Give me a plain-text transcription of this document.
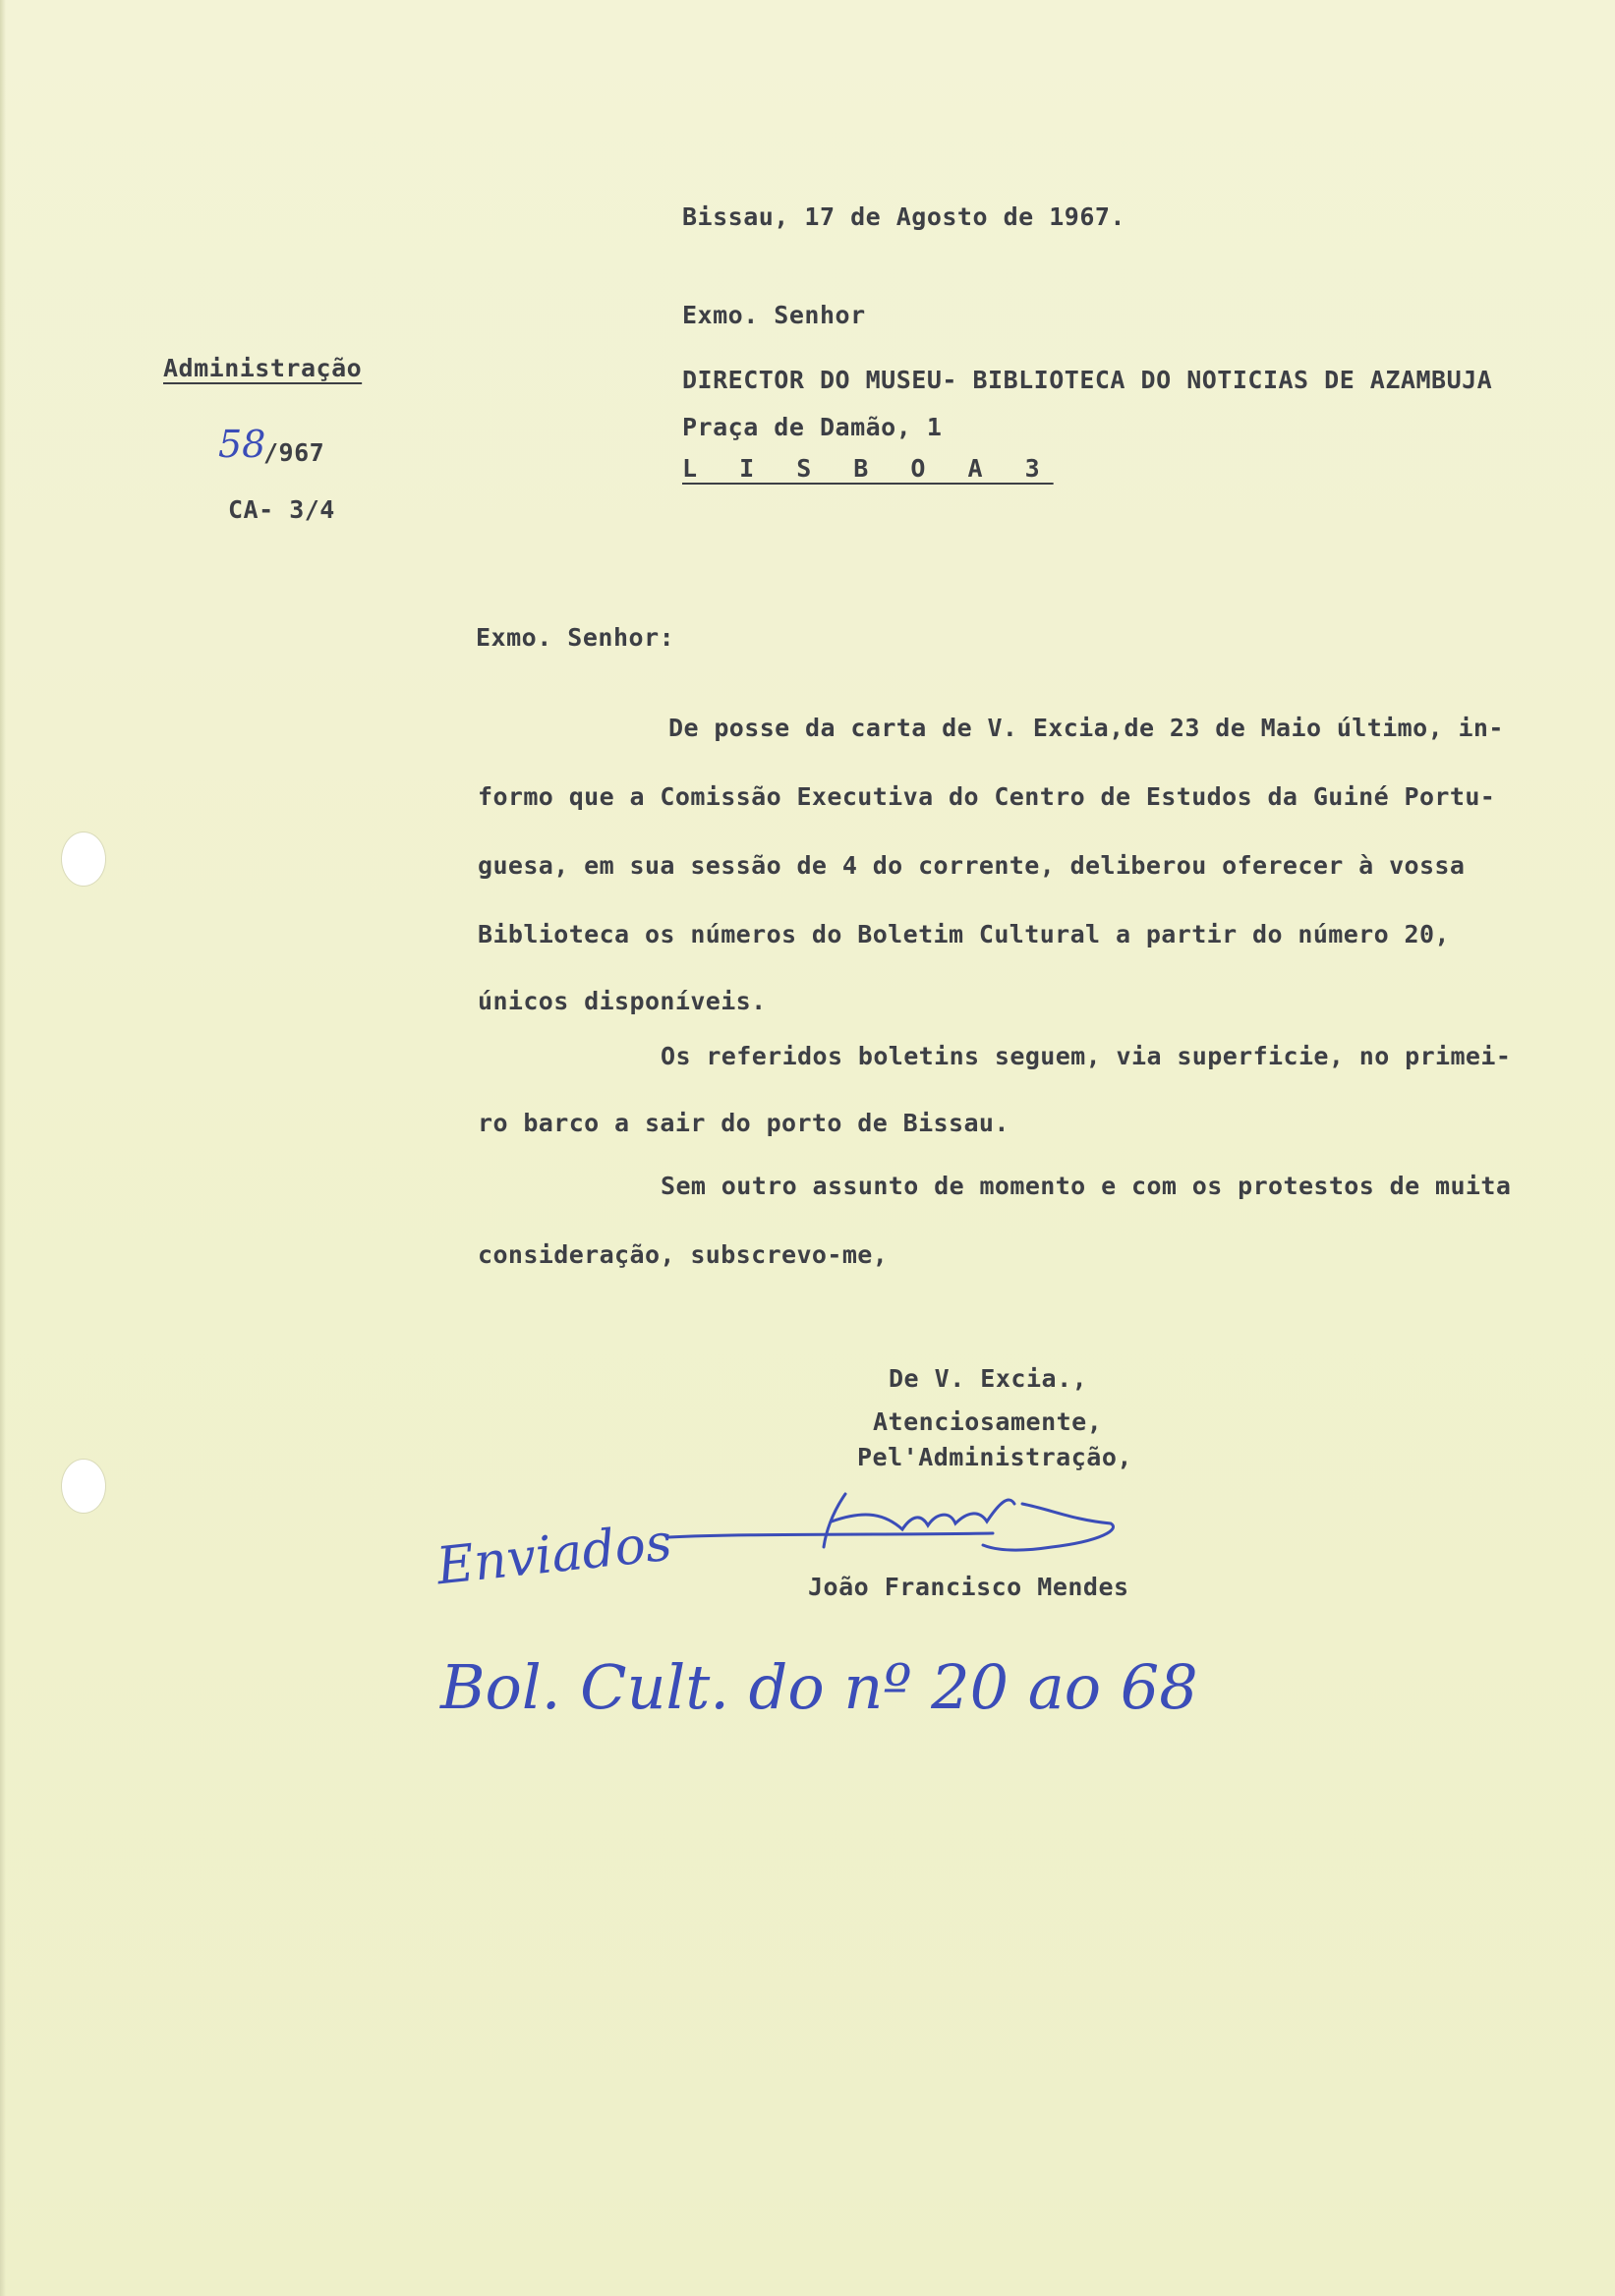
Bissau, 17 de Agosto de 1967.
Exmo. Senhor
DIRECTOR DO MUSEU- BIBLIOTECA DO NOTICIAS DE AZAMBUJA
Praça de Damão, 1
L I S B O A 3
Administração
58
/967
CA- 3/4
Exmo. Senhor:
De posse da carta de V. Excia,de 23 de Maio último, in-
formo que a Comissão Executiva do Centro de Estudos da Guiné Portu-
guesa, em sua sessão de 4 do corrente, deliberou oferecer à vossa
Biblioteca os números do Boletim Cultural a partir do número 20,
únicos disponíveis.
Os referidos boletins seguem, via superficie, no primei-
ro barco a sair do porto de Bissau.
Sem outro assunto de momento e com os protestos de muita
consideração, subscrevo-me,
De V. Excia.,
Atenciosamente,
Pel'Administração,
João Francisco Mendes
Enviados
Bol. Cult. do nº 20 ao 68
